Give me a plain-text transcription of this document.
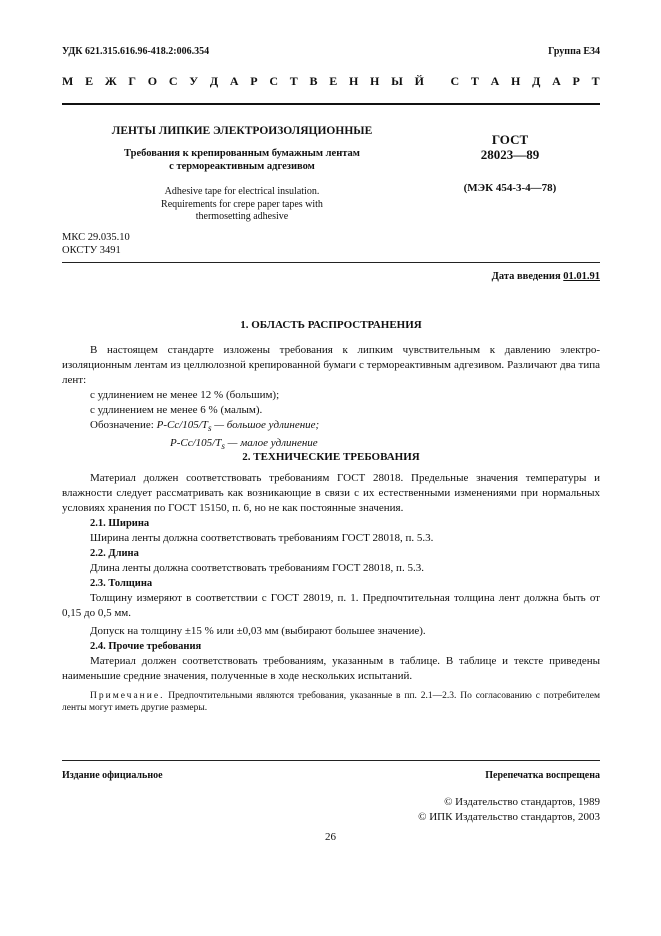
УДК 621.315.616.96-418.2:006.354	Группа Е34
М Е Ж Г О С У Д А Р С Т В Е Н Н Ы Й
С Т А Н Д А Р Т
ЛЕНТЫ ЛИПКИЕ ЭЛЕКТРОИЗОЛЯЦИОННЫЕ
Требования к крепированным бумажным лентам
с термореактивным адгезивом
Adhesive tape for electrical insulation.
Requirements for crepe paper tapes with
thermosetting adhesive
ГОСТ
28023—89
(МЭК 454-3-4—78)
МКС 29.035.10
ОКСТУ 3491
Дата введения 01.01.91
1. ОБЛАСТЬ РАСПРОСТРАНЕНИЯ
В настоящем стандарте изложены требования к липким чувствительным к давлению электро-изоляционным лентам из целлюлозной крепированной бумаги с термореактивным адгезивом. Различают два типа лент:
с удлинением не менее 12 % (большим);
с удлинением не менее 6 % (малым).
Обозначение: $P-Cc/105/T_s$ — большое удлинение;
$P-Cc/105/T_s$ — малое удлинение
2. ТЕХНИЧЕСКИЕ ТРЕБОВАНИЯ
Материал должен соответствовать требованиям ГОСТ 28018. Предельные значения температуры и влажности следует рассматривать как возникающие в связи с их естественными изменениями при нормальных условиях хранения по ГОСТ 15150, п. 6, но не как постоянные значения.
2.1. Ширина
Ширина ленты должна соответствовать требованиям ГОСТ 28018, п. 5.3.
2.2. Длина
Длина ленты должна соответствовать требованиям ГОСТ 28018, п. 5.3.
2.3. Толщина
Толщину измеряют в соответствии с ГОСТ 28019, п. 1. Предпочтительная толщина лент должна быть от 0,15 до 0,5 мм.
Допуск на толщину ±15 % или ±0,03 мм (выбирают большее значение).
2.4. Прочие требования
Материал должен соответствовать требованиям, указанным в таблице. В таблице и тексте приведены наименьшие средние значения, полученные в ходе нескольких испытаний.
Примечание. Предпочтительными являются требования, указанные в пп. 2.1—2.3. По согласованию с потребителем ленты могут иметь другие размеры.
Издание официальное	Перепечатка воспрещена
© Издательство стандартов, 1989
© ИПК Издательство стандартов, 2003
26
